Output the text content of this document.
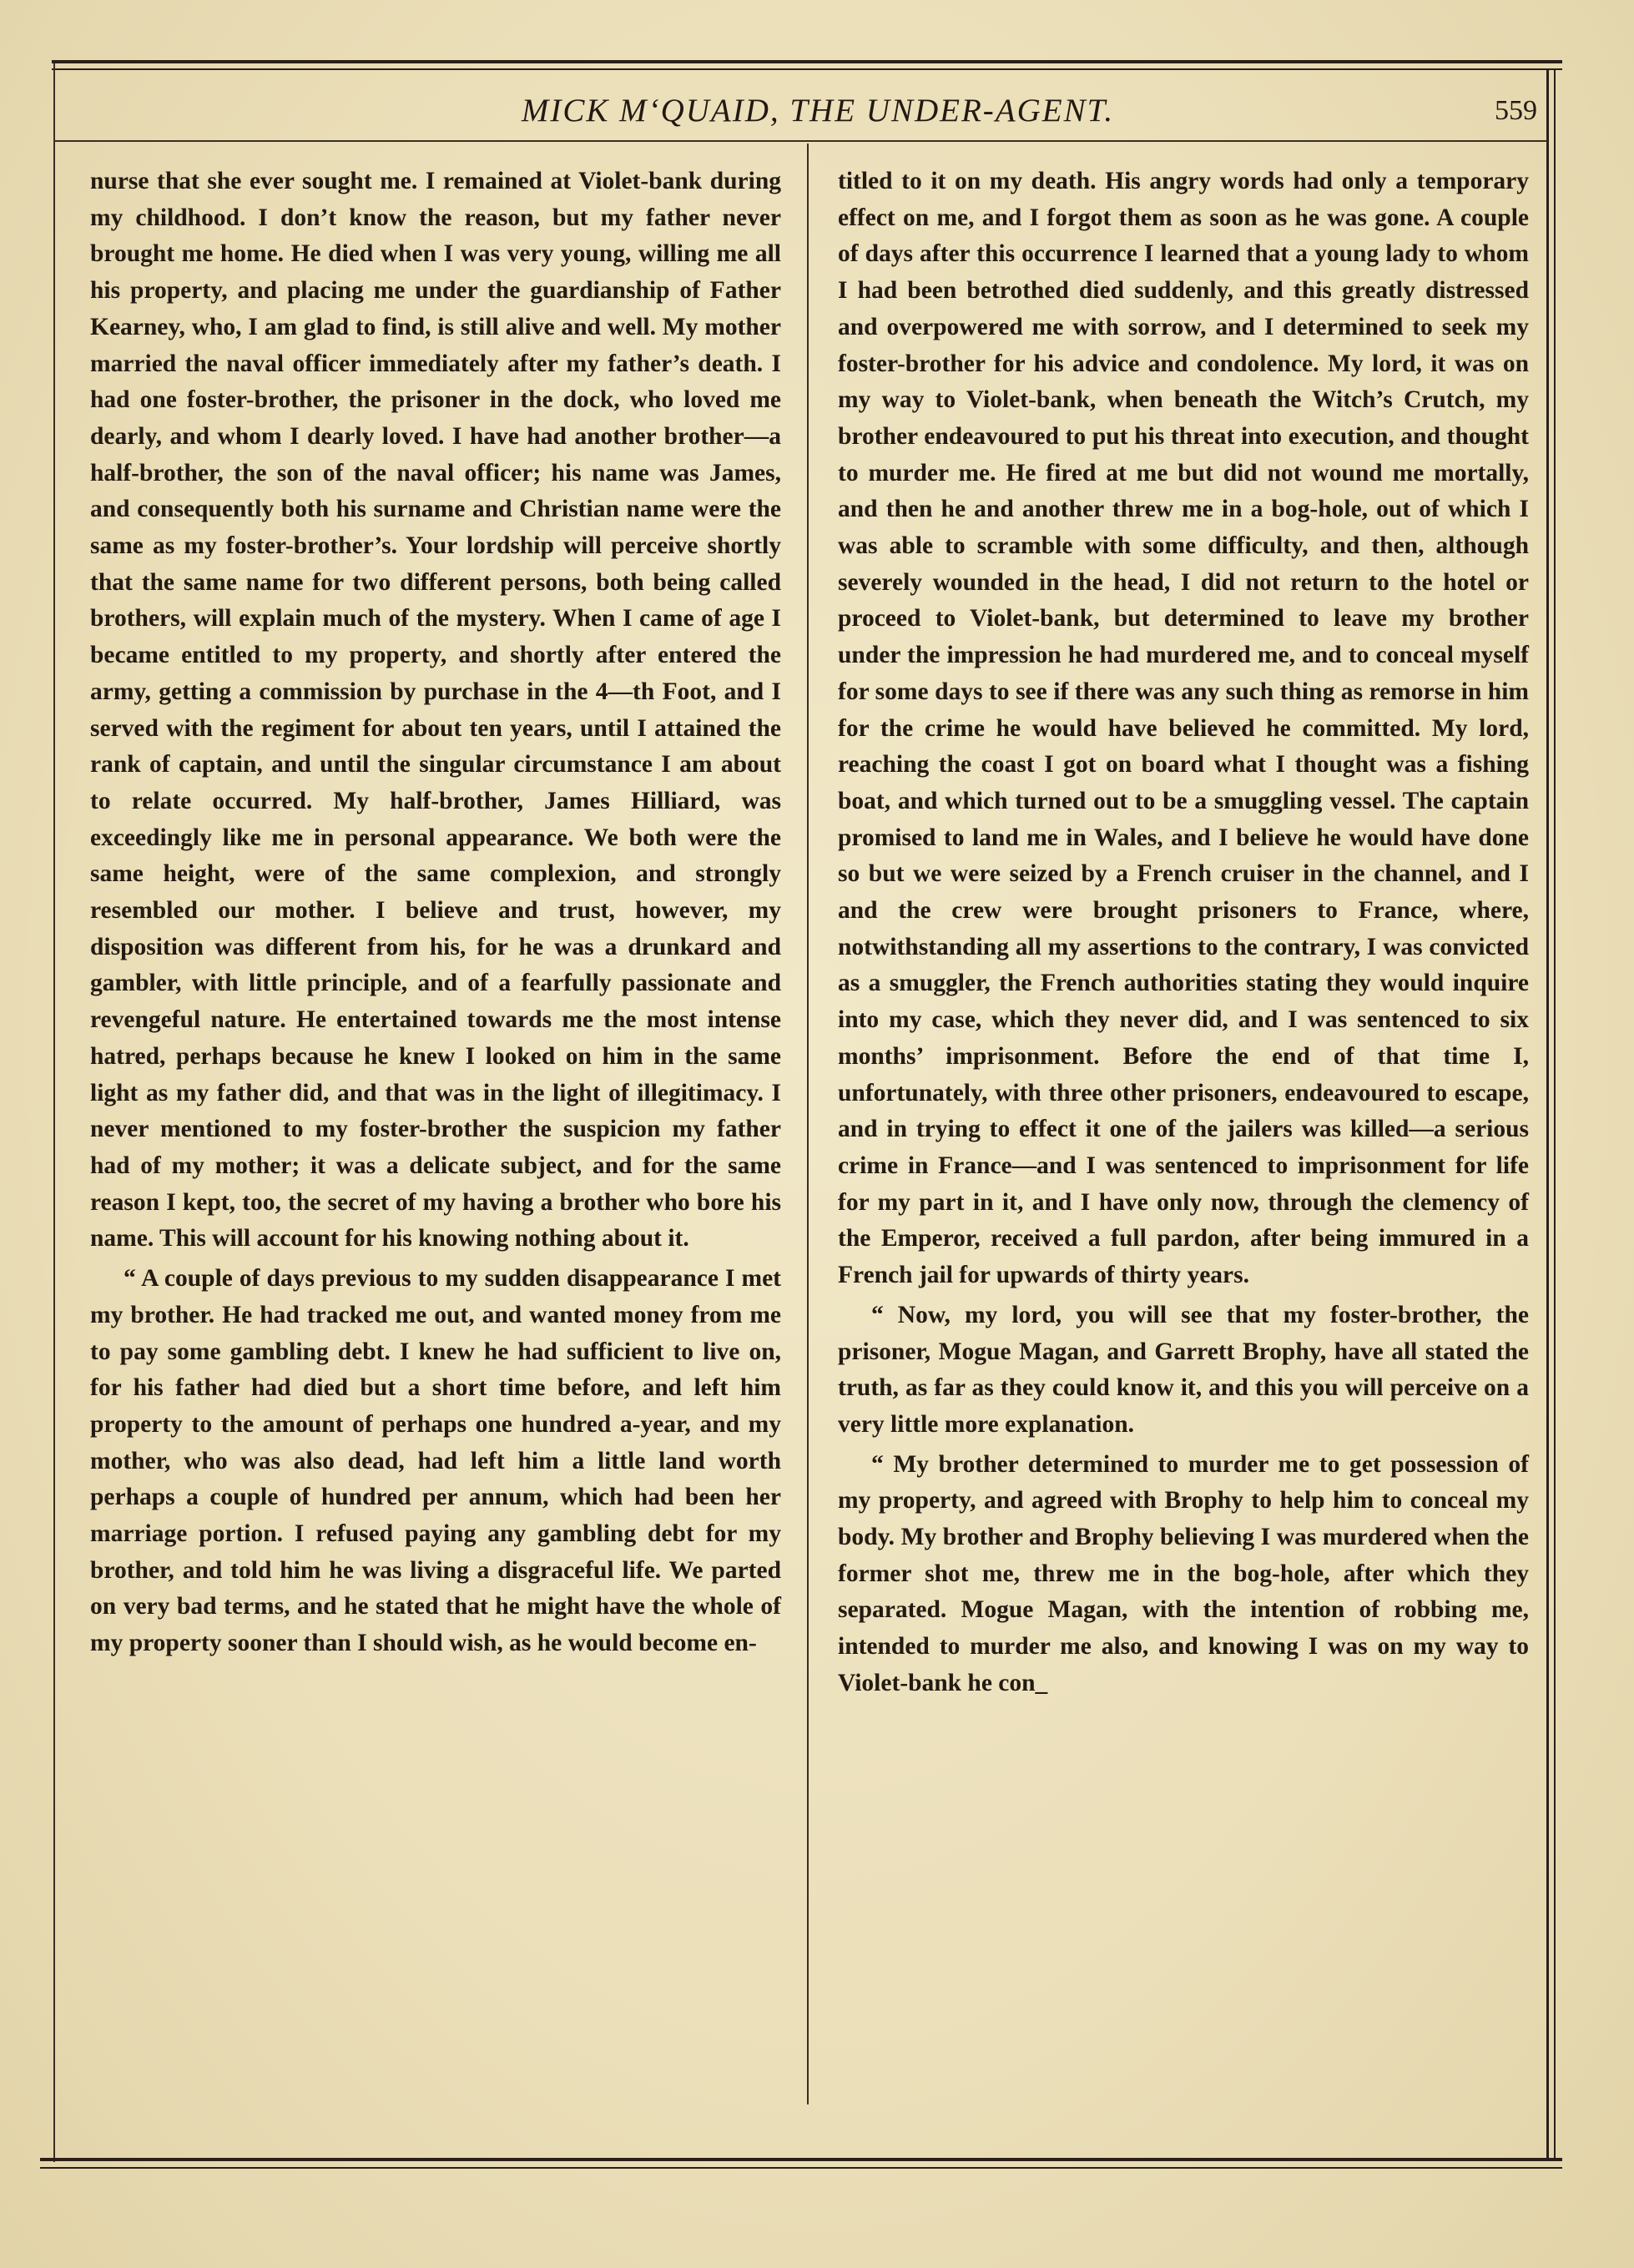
MICK M‘QUAID, THE UNDER-AGENT.	559

nurse that she ever sought me. I remained at Violet-bank during my childhood. I don’t know the reason, but my father never brought me home. He died when I was very young, willing me all his property, and placing me under the guardianship of Father Kearney, who, I am glad to find, is still alive and well. My mother married the naval officer immediately after my father’s death. I had one foster-brother, the prisoner in the dock, who loved me dearly, and whom I dearly loved. I have had another brother—a half-brother, the son of the naval officer; his name was James, and consequently both his surname and Christian name were the same as my foster-brother’s. Your lordship will perceive shortly that the same name for two different persons, both being called brothers, will explain much of the mystery. When I came of age I became entitled to my property, and shortly after entered the army, getting a commission by purchase in the 4—th Foot, and I served with the regiment for about ten years, until I attained the rank of captain, and until the singular circumstance I am about to relate occurred. My half-brother, James Hilliard, was exceedingly like me in personal appearance. We both were the same height, were of the same complexion, and strongly resembled our mother. I believe and trust, however, my disposition was different from his, for he was a drunkard and gambler, with little principle, and of a fearfully passionate and revengeful nature. He entertained towards me the most intense hatred, perhaps because he knew I looked on him in the same light as my father did, and that was in the light of illegitimacy. I never mentioned to my foster-brother the suspicion my father had of my mother; it was a delicate subject, and for the same reason I kept, too, the secret of my having a brother who bore his name. This will account for his knowing nothing about it.

“ A couple of days previous to my sudden disappearance I met my brother. He had tracked me out, and wanted money from me to pay some gambling debt. I knew he had sufficient to live on, for his father had died but a short time before, and left him property to the amount of perhaps one hundred a-year, and my mother, who was also dead, had left him a little land worth perhaps a couple of hundred per annum, which had been her marriage portion. I refused paying any gambling debt for my brother, and told him he was living a disgraceful life. We parted on very bad terms, and he stated that he might have the whole of my property sooner than I should wish, as he would become en-

titled to it on my death. His angry words had only a temporary effect on me, and I forgot them as soon as he was gone. A couple of days after this occurrence I learned that a young lady to whom I had been betrothed died suddenly, and this greatly distressed and overpowered me with sorrow, and I determined to seek my foster-brother for his advice and condolence. My lord, it was on my way to Violet-bank, when beneath the Witch’s Crutch, my brother endeavoured to put his threat into execution, and thought to murder me. He fired at me but did not wound me mortally, and then he and another threw me in a bog-hole, out of which I was able to scramble with some difficulty, and then, although severely wounded in the head, I did not return to the hotel or proceed to Violet-bank, but determined to leave my brother under the impression he had murdered me, and to conceal myself for some days to see if there was any such thing as remorse in him for the crime he would have believed he committed. My lord, reaching the coast I got on board what I thought was a fishing boat, and which turned out to be a smuggling vessel. The captain promised to land me in Wales, and I believe he would have done so but we were seized by a French cruiser in the channel, and I and the crew were brought prisoners to France, where, notwithstanding all my assertions to the contrary, I was convicted as a smuggler, the French authorities stating they would inquire into my case, which they never did, and I was sentenced to six months’ imprisonment. Before the end of that time I, unfortunately, with three other prisoners, endeavoured to escape, and in trying to effect it one of the jailers was killed—a serious crime in France—and I was sentenced to imprisonment for life for my part in it, and I have only now, through the clemency of the Emperor, received a full pardon, after being immured in a French jail for upwards of thirty years.

“ Now, my lord, you will see that my foster-brother, the prisoner, Mogue Magan, and Garrett Brophy, have all stated the truth, as far as they could know it, and this you will perceive on a very little more explanation.

“ My brother determined to murder me to get possession of my property, and agreed with Brophy to help him to conceal my body. My brother and Brophy believing I was murdered when the former shot me, threw me in the bog-hole, after which they separated. Mogue Magan, with the intention of robbing me, intended to murder me also, and knowing I was on my way to Violet-bank he con_
